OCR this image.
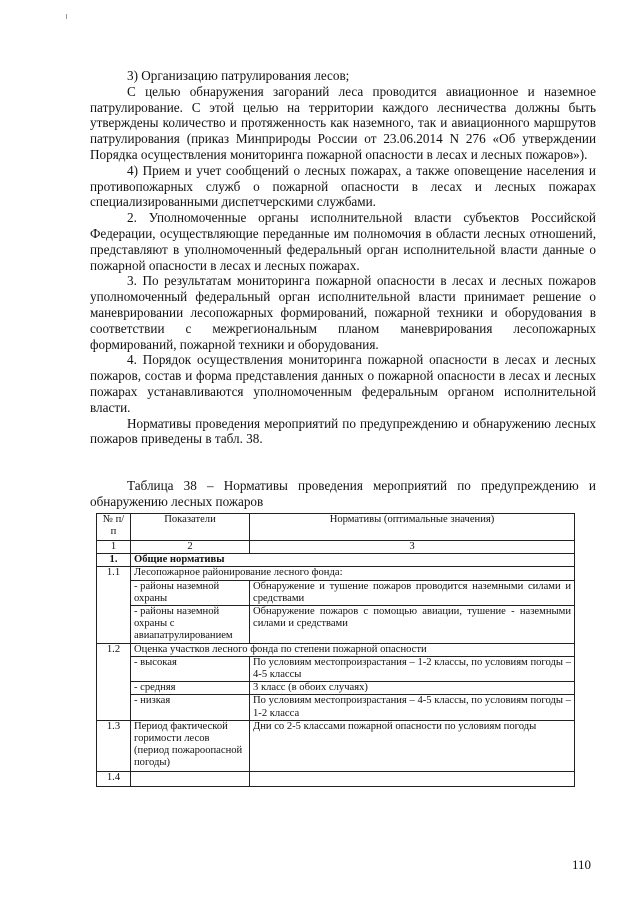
3) Организацию патрулирования лесов;

С целью обнаружения загораний леса проводится авиационное и наземное патрулирование. С этой целью на территории каждого лесничества должны быть утверждены количество и протяженность как наземного, так и авиационного маршрутов патрулирования (приказ Минприроды России от 23.06.2014 N 276 «Об утверждении Порядка осуществления мониторинга пожарной опасности в лесах и лесных пожаров»).

4) Прием и учет сообщений о лесных пожарах, а также оповещение населения и противопожарных служб о пожарной опасности в лесах и лесных пожарах специализированными диспетчерскими службами.

2. Уполномоченные органы исполнительной власти субъектов Российской Федерации, осуществляющие переданные им полномочия в области лесных отношений, представляют в уполномоченный федеральный орган исполнительной власти данные о пожарной опасности в лесах и лесных пожарах.

3. По результатам мониторинга пожарной опасности в лесах и лесных пожаров уполномоченный федеральный орган исполнительной власти принимает решение о маневрировании лесопожарных формирований, пожарной техники и оборудования в соответствии с межрегиональным планом маневрирования лесопожарных формирований, пожарной техники и оборудования.

4. Порядок осуществления мониторинга пожарной опасности в лесах и лесных пожаров, состав и форма представления данных о пожарной опасности в лесах и лесных пожарах устанавливаются уполномоченным федеральным органом исполнительной власти.

Нормативы проведения мероприятий по предупреждению и обнаружению лесных пожаров приведены в табл. 38.

Таблица 38 – Нормативы проведения мероприятий по предупреждению и обнаружению лесных пожаров

№ п/п	Показатели	Нормативы (оптимальные значения)
1	2	3
1.	Общие нормативы	
1.1	Лесопожарное районирование лесного фонда:	
	- районы наземной охраны	Обнаружение и тушение пожаров проводится наземными силами и средствами
	- районы наземной охраны с авиапатрулированием	Обнаружение пожаров с помощью авиации, тушение - наземными силами и средствами
1.2	Оценка участков лесного фонда по степени пожарной опасности	
	- высокая	По условиям местопроизрастания – 1-2 классы, по условиям погоды – 4-5 классы
	- средняя	3 класс (в обоих случаях)
	- низкая	По условиям местопроизрастания – 4-5 классы, по условиям погоды – 1-2 класса
1.3	Период фактической горимости лесов (период пожароопасной погоды)	Дни со 2-5 классами пожарной опасности по условиям погоды
1.4		
110
